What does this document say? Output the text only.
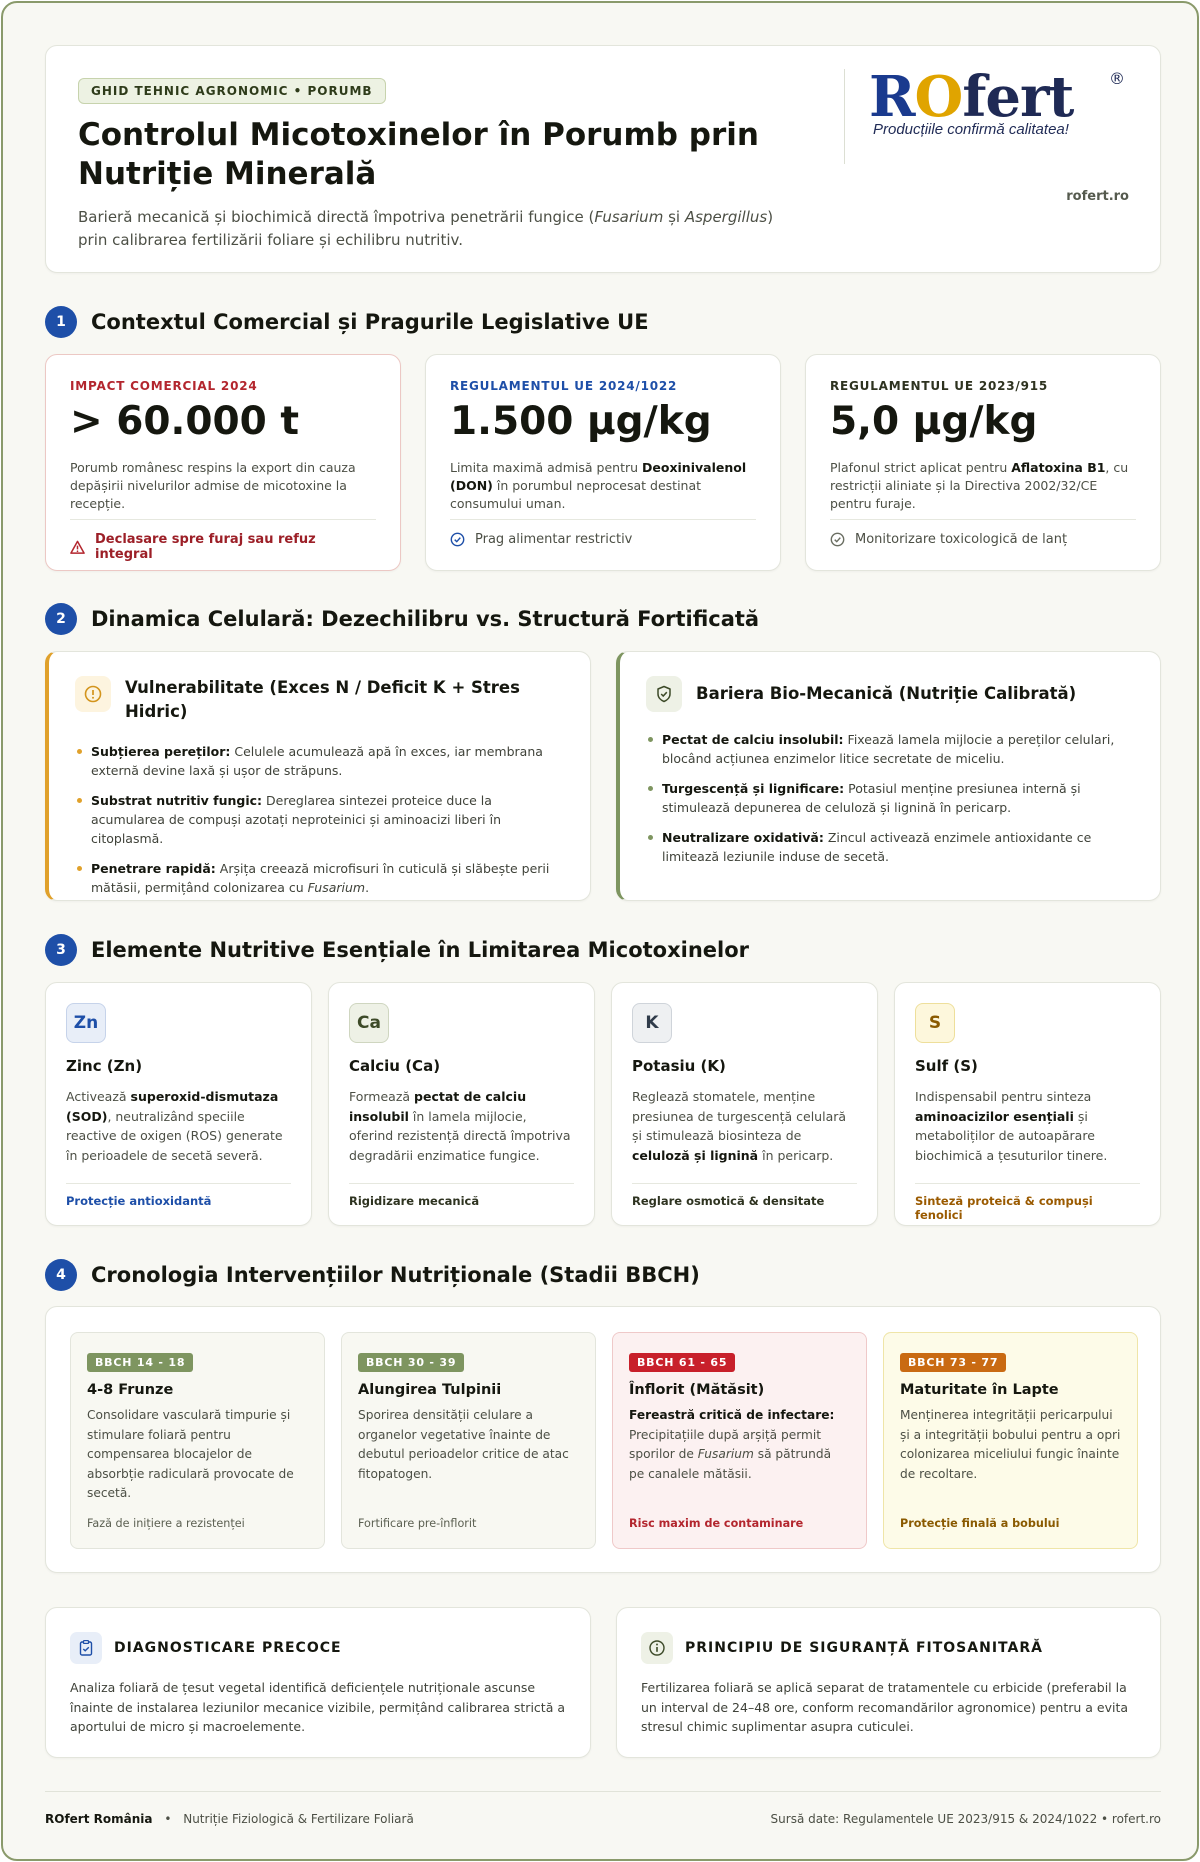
GHID TEHNIC AGRONOMIC • PORUMB
Controlul Micotoxinelor în Porumb prin Nutriție Minerală

Barieră mecanică și biochimică directă împotriva penetrării fungice (Fusarium și Aspergillus) prin calibrarea fertilizării foliare și echilibru nutritiv.

ROfert	®
Producțiile confirmă calitatea!
rofert.ro
1	Contextul Comercial și Pragurile Legislative UE
IMPACT COMERCIAL 2024
> 60.000 t
Porumb românesc respins la export din cauza depășirii nivelurilor admise de micotoxine la recepție.
Declasare spre furaj sau refuz integral
REGULAMENTUL UE 2024/1022
1.500 µg/kg
Limita maximă admisă pentru Deoxinivalenol (DON) în porumbul neprocesat destinat consumului uman.
Prag alimentar restrictiv
REGULAMENTUL UE 2023/915
5,0 µg/kg
Plafonul strict aplicat pentru Aflatoxina B1, cu restricții aliniate și la Directiva 2002/32/CE pentru furaje.
Monitorizare toxicologică de lanț
2	Dinamica Celulară: Dezechilibru vs. Structură Fortificată
Vulnerabilitate (Exces N / Deficit K + Stres Hidric)
Subțierea pereților: Celulele acumulează apă în exces, iar membrana externă devine laxă și ușor de străpuns.
Substrat nutritiv fungic: Dereglarea sintezei proteice duce la acumularea de compuși azotați neproteinici și aminoacizi liberi în citoplasmă.
Penetrare rapidă: Arșița creează microfisuri în cuticulă și slăbește perii mătăsii, permițând colonizarea cu Fusarium.
Bariera Bio-Mecanică (Nutriție Calibrată)
Pectat de calciu insolubil: Fixează lamela mijlocie a pereților celulari, blocând acțiunea enzimelor litice secretate de miceliu.
Turgescență și lignificare: Potasiul menține presiunea internă și stimulează depunerea de celuloză și lignină în pericarp.
Neutralizare oxidativă: Zincul activează enzimele antioxidante ce limitează leziunile induse de secetă.
3	Elemente Nutritive Esențiale în Limitarea Micotoxinelor
Zn
Zinc (Zn)
Activează superoxid-dismutaza (SOD), neutralizând speciile reactive de oxigen (ROS) generate în perioadele de secetă severă.
Protecție antioxidantă
Ca
Calciu (Ca)
Formează pectat de calciu insolubil în lamela mijlocie, oferind rezistență directă împotriva degradării enzimatice fungice.
Rigidizare mecanică
K
Potasiu (K)
Reglează stomatele, menține presiunea de turgescență celulară și stimulează biosinteza de celuloză și lignină în pericarp.
Reglare osmotică & densitate
S
Sulf (S)
Indispensabil pentru sinteza aminoacizilor esențiali și metaboliților de autoapărare biochimică a țesuturilor tinere.
Sinteză proteică & compuși fenolici
4	Cronologia Intervențiilor Nutriționale (Stadii BBCH)
BBCH 14 - 18
4-8 Frunze
Consolidare vasculară timpurie și stimulare foliară pentru compensarea blocajelor de absorbție radiculară provocate de secetă.
Fază de inițiere a rezistenței
BBCH 30 - 39
Alungirea Tulpinii
Sporirea densității celulare a organelor vegetative înainte de debutul perioadelor critice de atac fitopatogen.
Fortificare pre-înflorit
BBCH 61 - 65
Înflorit (Mătăsit)
Fereastră critică de infectare: Precipitațiile după arșiță permit sporilor de Fusarium să pătrundă pe canalele mătăsii.
Risc maxim de contaminare
BBCH 73 - 77
Maturitate în Lapte
Menținerea integrității pericarpului și a integrității bobului pentru a opri colonizarea miceliului fungic înainte de recoltare.
Protecție finală a bobului
DIAGNOSTICARE PRECOCE

Analiza foliară de țesut vegetal identifică deficiențele nutriționale ascunse înainte de instalarea leziunilor mecanice vizibile, permițând calibrarea strictă a aportului de micro și macroelemente.

PRINCIPIU DE SIGURANȚĂ FITOSANITARĂ

Fertilizarea foliară se aplică separat de tratamentele cu erbicide (preferabil la un interval de 24–48 ore, conform recomandărilor agronomice) pentru a evita stresul chimic suplimentar asupra cuticulei.

ROfert România • Nutriție Fiziologică & Fertilizare Foliară	Sursă date: Regulamentele UE 2023/915 & 2024/1022 • rofert.ro
